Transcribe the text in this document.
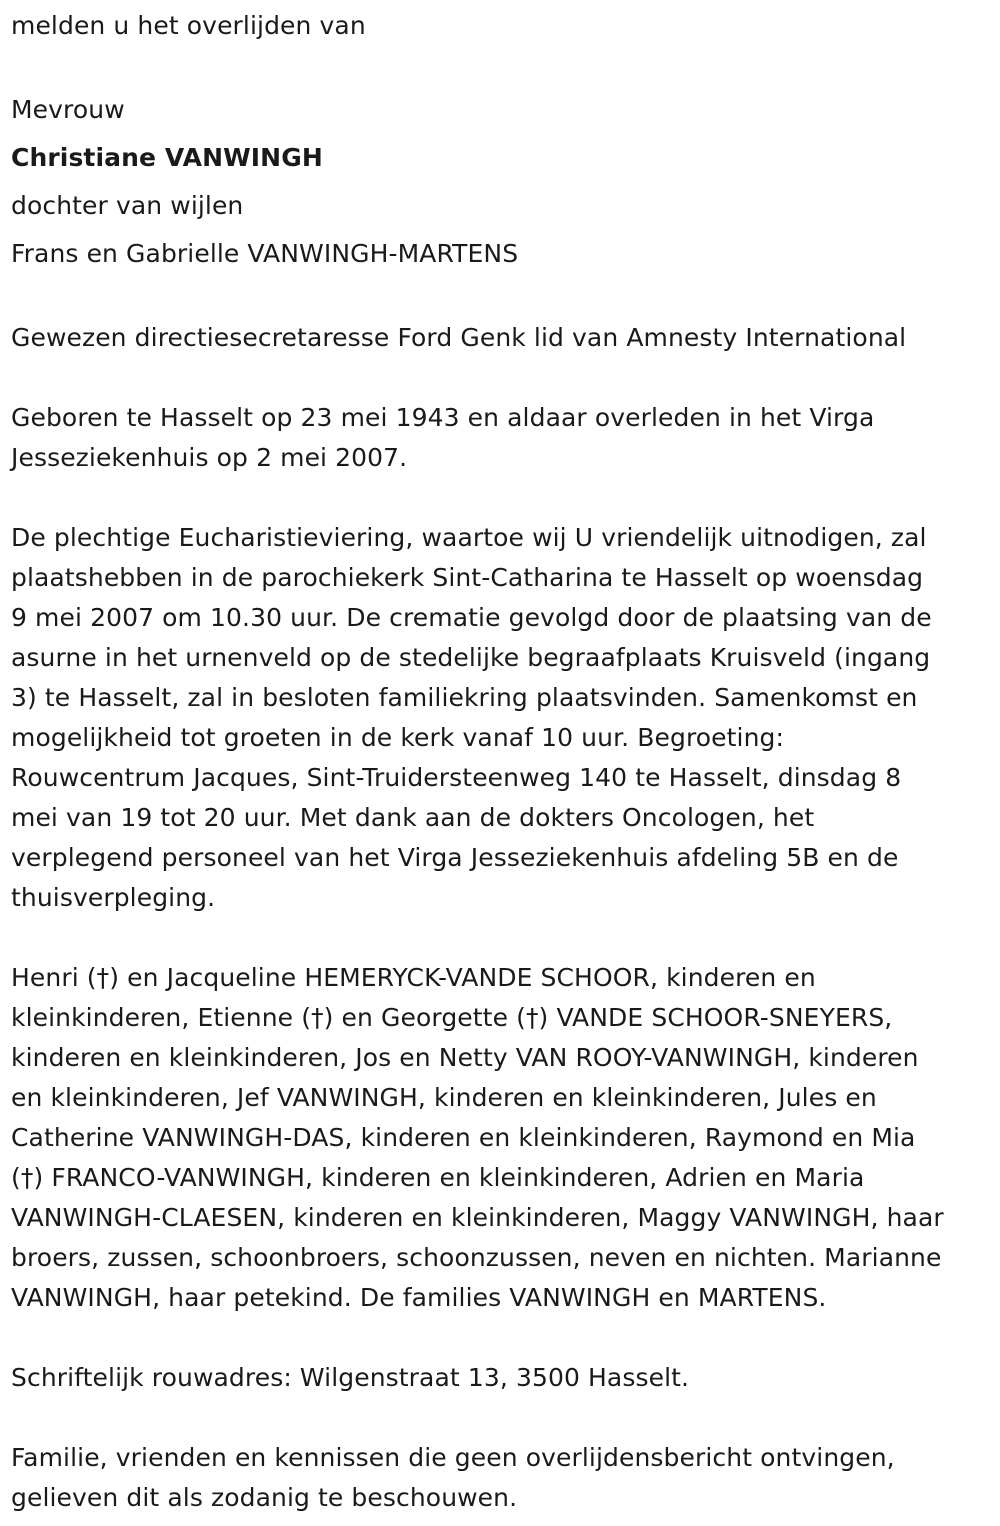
melden u het overlijden van

Mevrouw

Christiane VANWINGH

dochter van wijlen

Frans en Gabrielle VANWINGH-MARTENS

Gewezen directiesecretaresse Ford Genk lid van Amnesty International

Geboren te Hasselt op 23 mei 1943 en aldaar overleden in het Virga
Jesseziekenhuis op 2 mei 2007.

De plechtige Eucharistieviering, waartoe wij U vriendelijk uitnodigen, zal
plaatshebben in de parochiekerk Sint-Catharina te Hasselt op woensdag
9 mei 2007 om 10.30 uur. De crematie gevolgd door de plaatsing van de
asurne in het urnenveld op de stedelijke begraafplaats Kruisveld (ingang
3) te Hasselt, zal in besloten familiekring plaatsvinden. Samenkomst en
mogelijkheid tot groeten in de kerk vanaf 10 uur. Begroeting:
Rouwcentrum Jacques, Sint-Truidersteenweg 140 te Hasselt, dinsdag 8
mei van 19 tot 20 uur. Met dank aan de dokters Oncologen, het
verplegend personeel van het Virga Jesseziekenhuis afdeling 5B en de
thuisverpleging.

Henri (†) en Jacqueline HEMERYCK-VANDE SCHOOR, kinderen en
kleinkinderen, Etienne (†) en Georgette (†) VANDE SCHOOR-SNEYERS,
kinderen en kleinkinderen, Jos en Netty VAN ROOY-VANWINGH, kinderen
en kleinkinderen, Jef VANWINGH, kinderen en kleinkinderen, Jules en
Catherine VANWINGH-DAS, kinderen en kleinkinderen, Raymond en Mia
(†) FRANCO-VANWINGH, kinderen en kleinkinderen, Adrien en Maria
VANWINGH-CLAESEN, kinderen en kleinkinderen, Maggy VANWINGH, haar
broers, zussen, schoonbroers, schoonzussen, neven en nichten. Marianne
VANWINGH, haar petekind. De families VANWINGH en MARTENS.

Schriftelijk rouwadres: Wilgenstraat 13, 3500 Hasselt.

Familie, vrienden en kennissen die geen overlijdensbericht ontvingen,
gelieven dit als zodanig te beschouwen.
